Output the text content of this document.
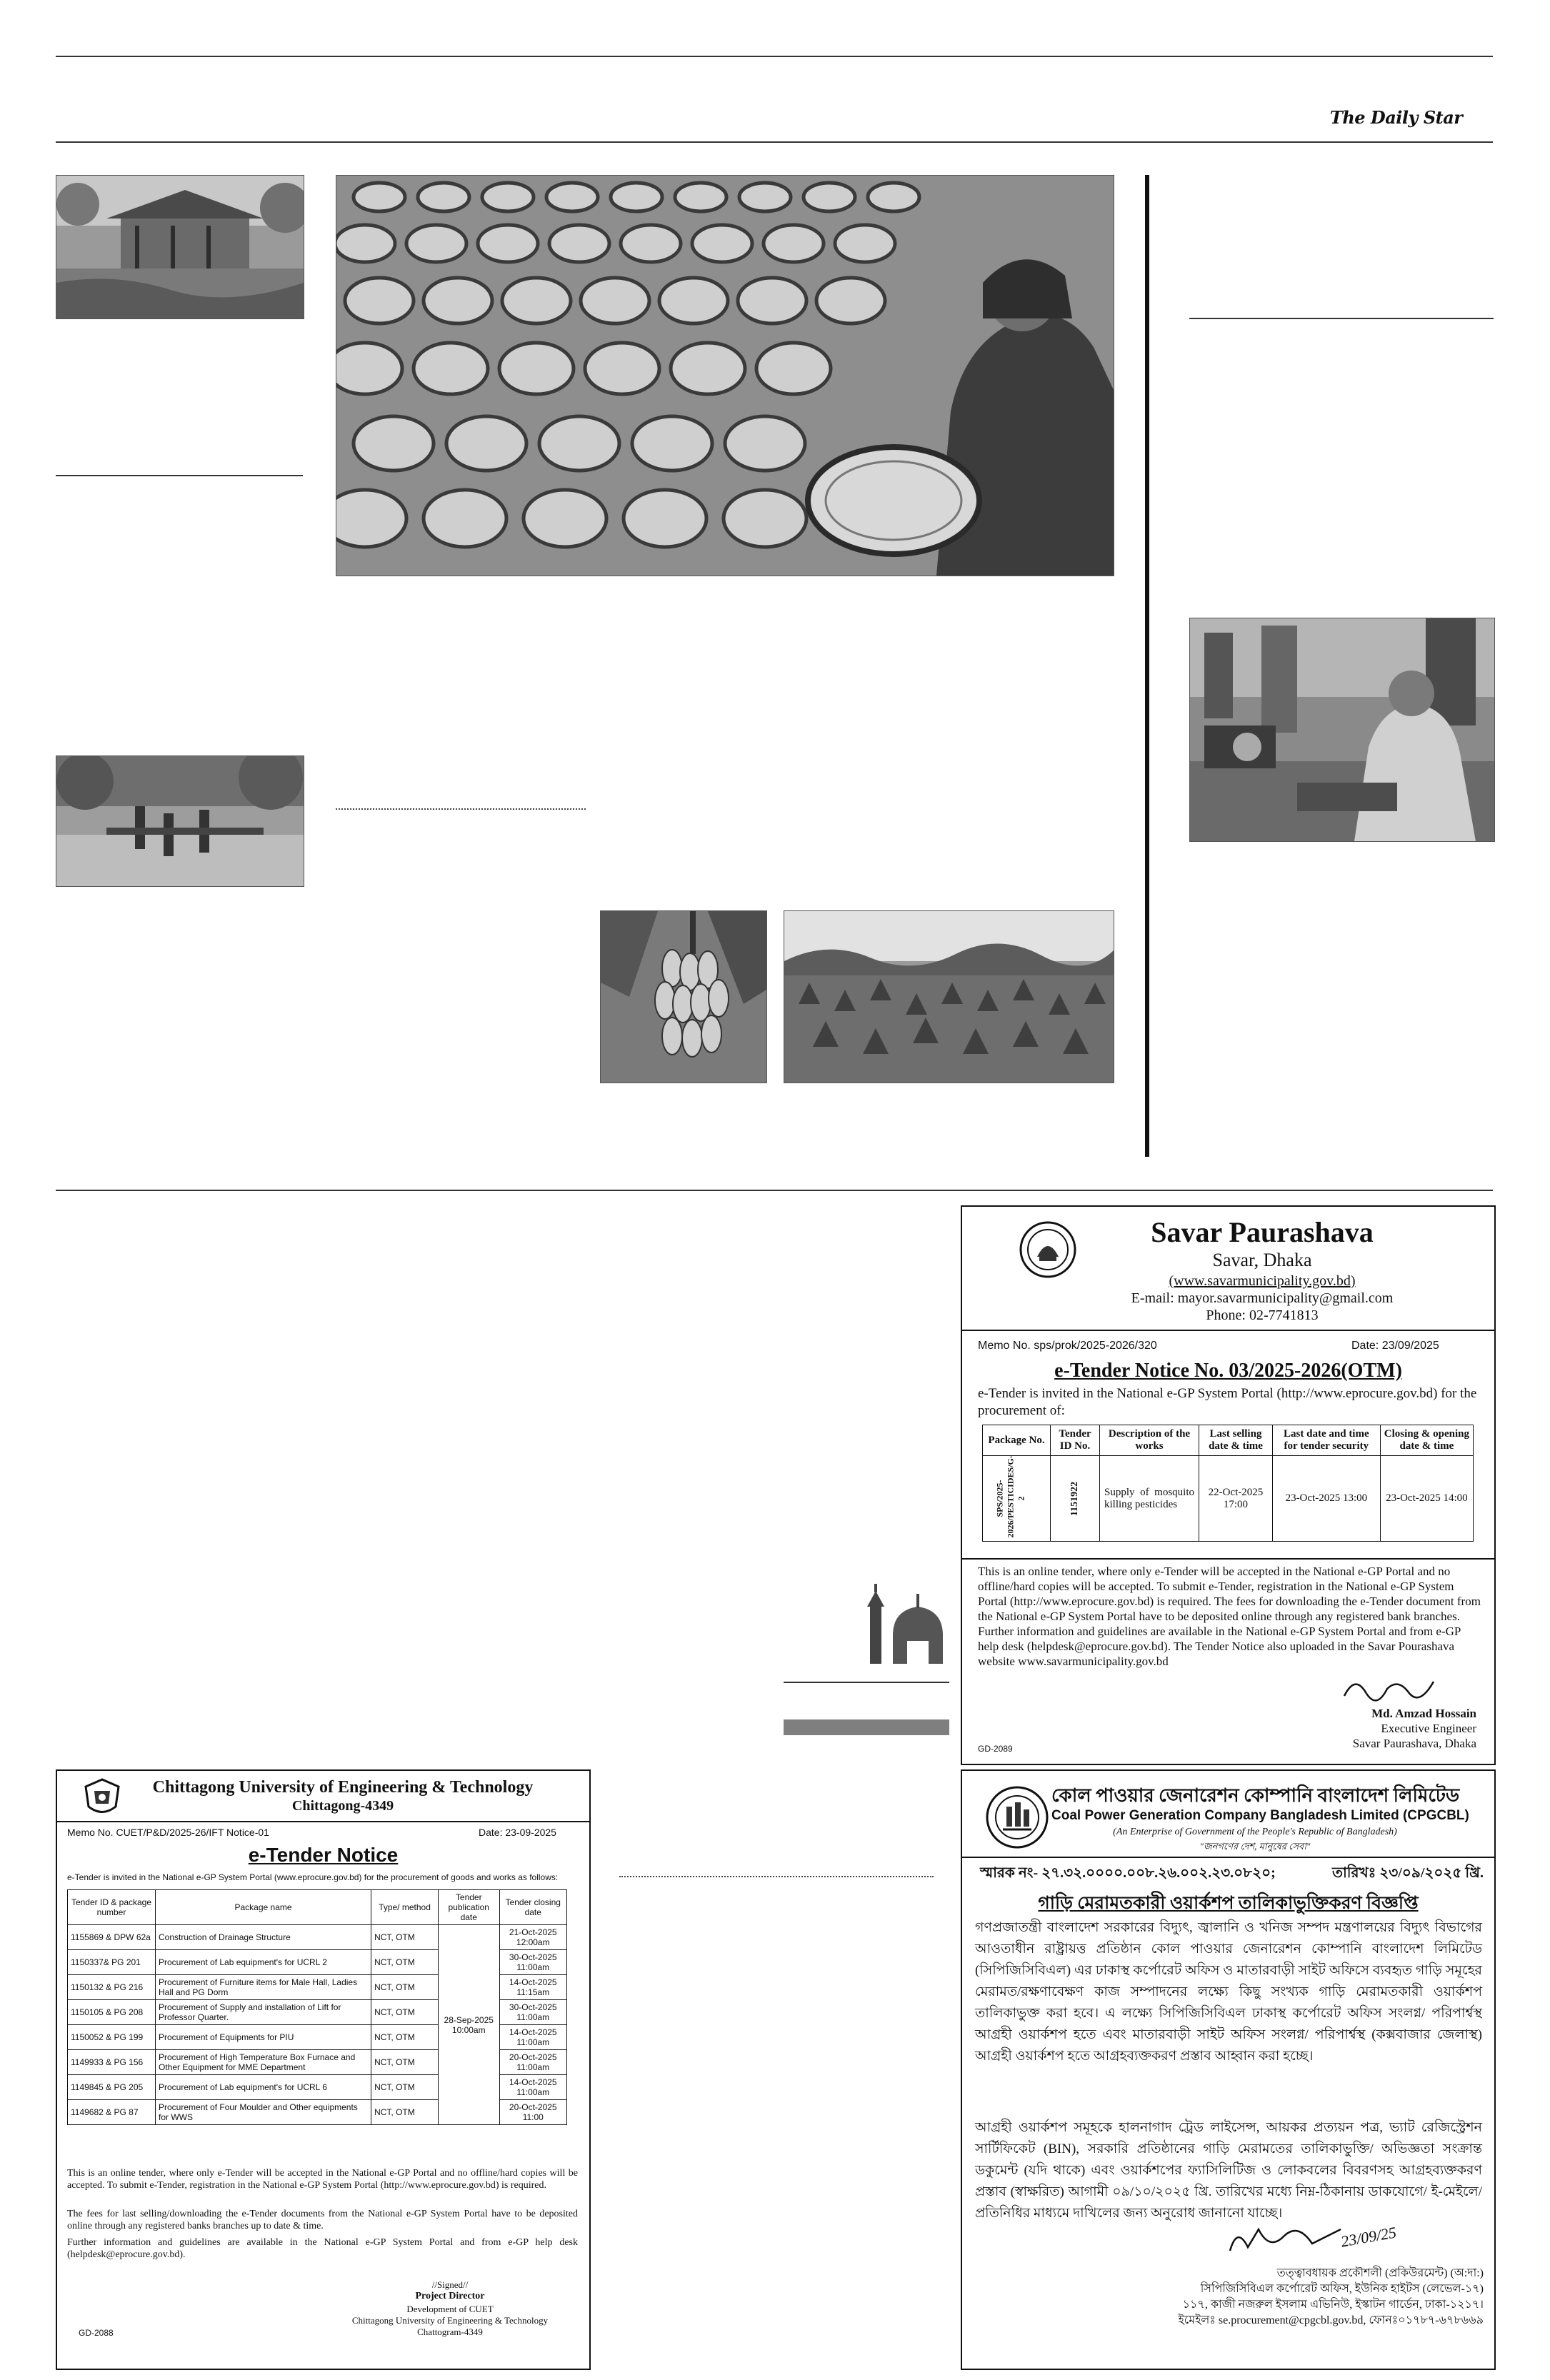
The Daily Star
Savar Paurashava
Savar, Dhaka
(www.savarmunicipality.gov.bd)
E-mail: mayor.savarmunicipality@gmail.com
Phone: 02-7741813
Memo No. sps/prok/2025-2026/320	Date: 23/09/2025
e-Tender Notice No. 03/2025-2026(OTM)
e-Tender is invited in the National e-GP System Portal (http://www.eprocure.gov.bd) for the procurement of:
Package No.	Tender ID No.	Description of the works	Last selling date & time	Last date and time for tender security	Closing & opening date & time

SPS/2025-2026/PESTICIDES/G-2	1151922	Supply of mosquito killing pesticides	22-Oct-2025 17:00	23-Oct-2025 13:00	23-Oct-2025 14:00
This is an online tender, where only e-Tender will be accepted in the National e-GP Portal and no offline/hard copies will be accepted. To submit e-Tender, registration in the National e-GP System Portal (http://www.eprocure.gov.bd) is required. The fees for downloading the e-Tender document from the National e-GP System Portal have to be deposited online through any registered bank branches. Further information and guidelines are available in the National e-GP System Portal and from e-GP help desk (helpdesk@eprocure.gov.bd). The Tender Notice also uploaded in the Savar Pourashava website www.savarmunicipality.gov.bd
Md. Amzad Hossain
Executive Engineer
Savar Paurashava, Dhaka
GD-2089
Chittagong University of Engineering & Technology
Chittagong-4349
Memo No. CUET/P&D/2025-26/IFT Notice-01	Date: 23-09-2025
e-Tender Notice
e-Tender is invited in the National e-GP System Portal (www.eprocure.gov.bd) for the procurement of goods and works as follows:
Tender ID & package number	Package name	Type/ method	Tender publication date	Tender closing date
1155869 & DPW 62a	Construction of Drainage Structure	NCT, OTM	28-Sep-2025 10:00am	21-Oct-2025 12:00am
1150337& PG 201	Procurement of Lab equipment's for UCRL 2	NCT, OTM		30-Oct-2025 11:00am
1150132 & PG 216	Procurement of Furniture items for Male Hall, Ladies Hall and PG Dorm	NCT, OTM		14-Oct-2025 11:15am
1150105 & PG 208	Procurement of Supply and installation of Lift for Professor Quarter.	NCT, OTM		30-Oct-2025 11:00am
1150052 & PG 199	Procurement of Equipments for PIU	NCT, OTM		14-Oct-2025 11:00am
1149933 & PG 156	Procurement of High Temperature Box Furnace and Other Equipment for MME Department	NCT, OTM		20-Oct-2025 11:00am
1149845 & PG 205	Procurement of Lab equipment's for UCRL 6	NCT, OTM		14-Oct-2025 11:00am
1149682 & PG 87	Procurement of Four Moulder and Other equipments for WWS	NCT, OTM		20-Oct-2025 11:00
This is an online tender, where only e-Tender will be accepted in the National e-GP Portal and no offline/hard copies will be accepted. To submit e-Tender, registration in the National e-GP System Portal (http://www.eprocure.gov.bd) is required.
The fees for last selling/downloading the e-Tender documents from the National e-GP System Portal have to be deposited online through any registered banks branches up to date & time.
Further information and guidelines are available in the National e-GP System Portal and from e-GP help desk (helpdesk@eprocure.gov.bd).
//Signed//
Project Director
Development of CUET
Chittagong University of Engineering & Technology
Chattogram-4349
GD-2088
কোল পাওয়ার জেনারেশন কোম্পানি বাংলাদেশ লিমিটেড
Coal Power Generation Company Bangladesh Limited (CPGCBL)
(An Enterprise of Government of the People's Republic of Bangladesh)
"জনগণের দেশ, মানুষের সেবা"
স্মারক নং- ২৭.৩২.০০০০.০০৮.২৬.০০২.২৩.০৮২০;	তারিখঃ ২৩/০৯/২০২৫ খ্রি.
গাড়ি মেরামতকারী ওয়ার্কশপ তালিকাভুক্তিকরণ বিজ্ঞপ্তি
গণপ্রজাতন্ত্রী বাংলাদেশ সরকারের বিদ্যুৎ, জ্বালানি ও খনিজ সম্পদ মন্ত্রণালয়ের বিদ্যুৎ বিভাগের আওতাধীন রাষ্ট্রায়ত্ত প্রতিষ্ঠান কোল পাওয়ার জেনারেশন কোম্পানি বাংলাদেশ লিমিটেড (সিপিজিসিবিএল) এর ঢাকাস্থ কর্পোরেট অফিস ও মাতারবাড়ী সাইট অফিসে ব্যবহৃত গাড়ি সমূহের মেরামত/রক্ষণাবেক্ষণ কাজ সম্পাদনের লক্ষ্যে কিছু সংখ্যক গাড়ি মেরামতকারী ওয়ার্কশপ তালিকাভুক্ত করা হবে। এ লক্ষ্যে সিপিজিসিবিএল ঢাকাস্থ কর্পোরেট অফিস সংলগ্ন/ পরিপার্শ্বস্থ আগ্রহী ওয়ার্কশপ হতে এবং মাতারবাড়ী সাইট অফিস সংলগ্ন/ পরিপার্শ্বস্থ (কক্সবাজার জেলাস্থ) আগ্রহী ওয়ার্কশপ হতে আগ্রহব্যক্তকরণ প্রস্তাব আহ্বান করা হচ্ছে।
আগ্রহী ওয়ার্কশপ সমূহকে হালনাগাদ ট্রেড লাইসেন্স, আয়কর প্রত্যয়ন পত্র, ভ্যাট রেজিস্ট্রেশন সার্টিফিকেট (BIN), সরকারি প্রতিষ্ঠানের গাড়ি মেরামতের তালিকাভুক্তি/ অভিজ্ঞতা সংক্রান্ত ডকুমেন্ট (যদি থাকে) এবং ওয়ার্কশপের ফ্যাসিলিটিজ ও লোকবলের বিবরণসহ আগ্রহব্যক্তকরণ প্রস্তাব (স্বাক্ষরিত) আগামী ০৯/১০/২০২৫ খ্রি. তারিখের মধ্যে নিম্ন-ঠিকানায় ডাকযোগে/ ই-মেইলে/ প্রতিনিধির মাধ্যমে দাখিলের জন্য অনুরোধ জানানো যাচ্ছে।
23/09/25
তত্ত্বাবধায়ক প্রকৌশলী (প্রকিউরমেন্ট) (অ:দা:)
সিপিজিসিবিএল কর্পোরেট অফিস, ইউনিক হাইটস (লেভেল-১৭)
১১৭, কাজী নজরুল ইসলাম এভিনিউ, ইস্কাটন গার্ডেন, ঢাকা-১২১৭।
ইমেইলঃ se.procurement@cpgcbl.gov.bd, ফোনঃ০১৭৮৭-৬৭৮৬৬৯
